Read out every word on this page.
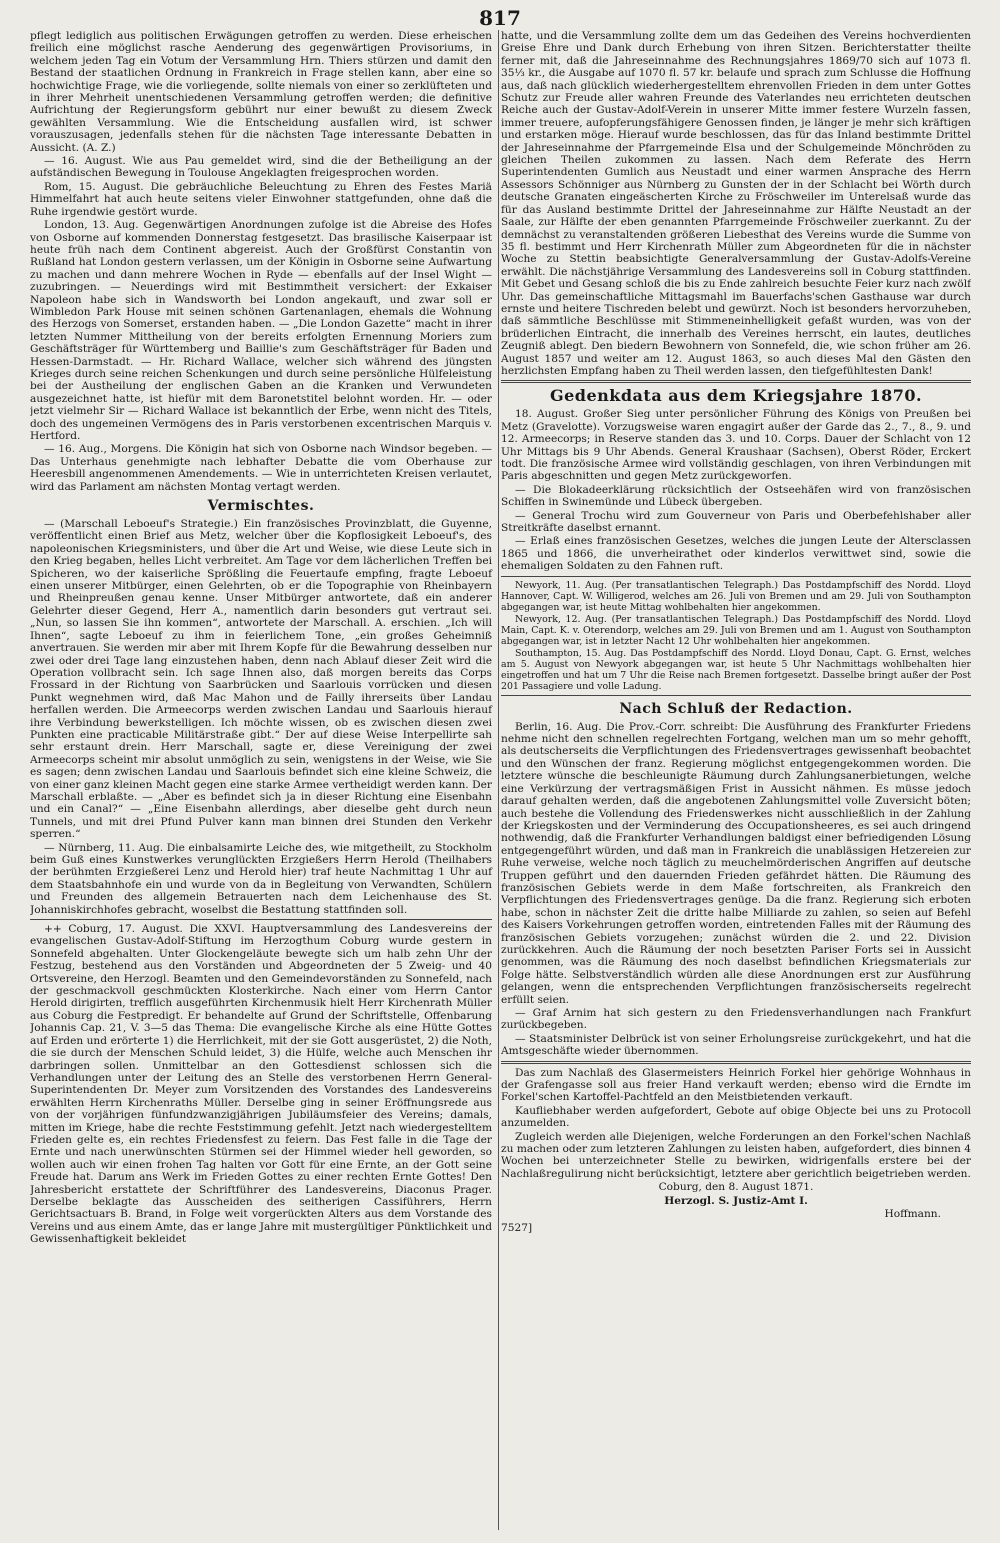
817

pflegt lediglich aus politischen Erwägungen getroffen zu werden. Diese erheischen freilich eine möglichst rasche Aenderung des gegenwärtigen Provisoriums, in welchem jeden Tag ein Votum der Versammlung Hrn. Thiers stürzen und damit den Bestand der staatlichen Ordnung in Frankreich in Frage stellen kann, aber eine so hochwichtige Frage, wie die vorliegende, sollte niemals von einer so zerklüfteten und in ihrer Mehrheit unentschiedenen Versammlung getroffen werden; die definitive Aufrichtung der Regierungsform gebührt nur einer bewußt zu diesem Zweck gewählten Versammlung. Wie die Entscheidung ausfallen wird, ist schwer vorauszusagen, jedenfalls stehen für die nächsten Tage interessante Debatten in Aussicht. (A. Z.)

— 16. August. Wie aus Pau gemeldet wird, sind die der Betheiligung an der aufständischen Bewegung in Toulouse Angeklagten freigesprochen worden.

Rom, 15. August. Die gebräuchliche Beleuchtung zu Ehren des Festes Mariä Himmelfahrt hat auch heute seitens vieler Einwohner stattgefunden, ohne daß die Ruhe irgendwie gestört wurde.

London, 13. Aug. Gegenwärtigen Anordnungen zufolge ist die Abreise des Hofes von Osborne auf kommenden Donnerstag festgesetzt. Das brasilische Kaiserpaar ist heute früh nach dem Continent abgereist. Auch der Großfürst Constantin von Rußland hat London gestern verlassen, um der Königin in Osborne seine Aufwartung zu machen und dann mehrere Wochen in Ryde — ebenfalls auf der Insel Wight — zuzubringen. — Neuerdings wird mit Bestimmtheit versichert: der Exkaiser Napoleon habe sich in Wandsworth bei London angekauft, und zwar soll er Wimbledon Park House mit seinen schönen Gartenanlagen, ehemals die Wohnung des Herzogs von Somerset, erstanden haben. — „Die London Gazette“ macht in ihrer letzten Nummer Mittheilung von der bereits erfolgten Ernennung Moriers zum Geschäftsträger für Württemberg und Baillie's zum Geschäftsträger für Baden und Hessen-Darmstadt. — Hr. Richard Wallace, welcher sich während des jüngsten Krieges durch seine reichen Schenkungen und durch seine persönliche Hülfeleistung bei der Austheilung der englischen Gaben an die Kranken und Verwundeten ausgezeichnet hatte, ist hiefür mit dem Baronetstitel belohnt worden. Hr. — oder jetzt vielmehr Sir — Richard Wallace ist bekanntlich der Erbe, wenn nicht des Titels, doch des ungemeinen Vermögens des in Paris verstorbenen excentrischen Marquis v. Hertford.

— 16. Aug., Morgens. Die Königin hat sich von Osborne nach Windsor begeben. — Das Unterhaus genehmigte nach lebhafter Debatte die vom Oberhause zur Heeresbill angenommenen Amendements. — Wie in unterrichteten Kreisen verlautet, wird das Parlament am nächsten Montag vertagt werden.

Vermischtes.

— (Marschall Leboeuf's Strategie.) Ein französisches Provinzblatt, die Guyenne, veröffentlicht einen Brief aus Metz, welcher über die Kopflosigkeit Leboeuf's, des napoleonischen Kriegsministers, und über die Art und Weise, wie diese Leute sich in den Krieg begaben, helles Licht verbreitet. Am Tage vor dem lächerlichen Treffen bei Spicheren, wo der kaiserliche Sprößling die Feuertaufe empfing, fragte Leboeuf einen unserer Mitbürger, einen Gelehrten, ob er die Topographie von Rheinbayern und Rheinpreußen genau kenne. Unser Mitbürger antwortete, daß ein anderer Gelehrter dieser Gegend, Herr A., namentlich darin besonders gut vertraut sei. „Nun, so lassen Sie ihn kommen“, antwortete der Marschall. A. erschien. „Ich will Ihnen“, sagte Leboeuf zu ihm in feierlichem Tone, „ein großes Geheimniß anvertrauen. Sie werden mir aber mit Ihrem Kopfe für die Bewahrung desselben nur zwei oder drei Tage lang einzustehen haben, denn nach Ablauf dieser Zeit wird die Operation vollbracht sein. Ich sage Ihnen also, daß morgen bereits das Corps Frossard in der Richtung von Saarbrücken und Saarlouis vorrücken und diesen Punkt wegnehmen wird, daß Mac Mahon und de Failly ihrerseits über Landau herfallen werden. Die Armeecorps werden zwischen Landau und Saarlouis hierauf ihre Verbindung bewerkstelligen. Ich möchte wissen, ob es zwischen diesen zwei Punkten eine practicable Militärstraße gibt.“ Der auf diese Weise Interpellirte sah sehr erstaunt drein. Herr Marschall, sagte er, diese Vereinigung der zwei Armeecorps scheint mir absolut unmöglich zu sein, wenigstens in der Weise, wie Sie es sagen; denn zwischen Landau und Saarlouis befindet sich eine kleine Schweiz, die von einer ganz kleinen Macht gegen eine starke Armee vertheidigt werden kann. Der Marschall erblaßte. — „Aber es befindet sich ja in dieser Richtung eine Eisenbahn und ein Canal?“ — „Eine Eisenbahn allerdings, aber dieselbe geht durch neun Tunnels, und mit drei Pfund Pulver kann man binnen drei Stunden den Verkehr sperren.“

— Nürnberg, 11. Aug. Die einbalsamirte Leiche des, wie mitgetheilt, zu Stockholm beim Guß eines Kunstwerkes verunglückten Erzgießers Herrn Herold (Theilhabers der berühmten Erzgießerei Lenz und Herold hier) traf heute Nachmittag 1 Uhr auf dem Staatsbahnhofe ein und wurde von da in Begleitung von Verwandten, Schülern und Freunden des allgemein Betrauerten nach dem Leichenhause des St. Johanniskirchhofes gebracht, woselbst die Bestattung stattfinden soll.

++ Coburg, 17. August. Die XXVI. Hauptversammlung des Landesvereins der evangelischen Gustav-Adolf-Stiftung im Herzogthum Coburg wurde gestern in Sonnefeld abgehalten. Unter Glockengeläute bewegte sich um halb zehn Uhr der Festzug, bestehend aus den Vorständen und Abgeordneten der 5 Zweig- und 40 Ortsvereine, den Herzogl. Beamten und den Gemeindevorständen zu Sonnefeld, nach der geschmackvoll geschmückten Klosterkirche. Nach einer vom Herrn Cantor Herold dirigirten, trefflich ausgeführten Kirchenmusik hielt Herr Kirchenrath Müller aus Coburg die Festpredigt. Er behandelte auf Grund der Schriftstelle, Offenbarung Johannis Cap. 21, V. 3—5 das Thema: Die evangelische Kirche als eine Hütte Gottes auf Erden und erörterte 1) die Herrlichkeit, mit der sie Gott ausgerüstet, 2) die Noth, die sie durch der Menschen Schuld leidet, 3) die Hülfe, welche auch Menschen ihr darbringen sollen. Unmittelbar an den Gottesdienst schlossen sich die Verhandlungen unter der Leitung des an Stelle des verstorbenen Herrn General-Superintendenten Dr. Meyer zum Vorsitzenden des Vorstandes des Landesvereins erwählten Herrn Kirchenraths Müller. Derselbe ging in seiner Eröffnungsrede aus von der vorjährigen fünfundzwanzigjährigen Jubiläumsfeier des Vereins; damals, mitten im Kriege, habe die rechte Feststimmung gefehlt. Jetzt nach wiedergestelltem Frieden gelte es, ein rechtes Friedensfest zu feiern. Das Fest falle in die Tage der Ernte und nach unerwünschten Stürmen sei der Himmel wieder hell geworden, so wollen auch wir einen frohen Tag halten vor Gott für eine Ernte, an der Gott seine Freude hat. Darum ans Werk im Frieden Gottes zu einer rechten Ernte Gottes! Den Jahresbericht erstattete der Schriftführer des Landesvereins, Diaconus Prager. Derselbe beklagte das Ausscheiden des seitherigen Cassiführers, Herrn Gerichtsactuars B. Brand, in Folge weit vorgerückten Alters aus dem Vorstande des Vereins und aus einem Amte, das er lange Jahre mit mustergültiger Pünktlichkeit und Gewissenhaftigkeit bekleidet

hatte, und die Versammlung zollte dem um das Gedeihen des Vereins hochverdienten Greise Ehre und Dank durch Erhebung von ihren Sitzen. Berichterstatter theilte ferner mit, daß die Jahreseinnahme des Rechnungsjahres 1869/70 sich auf 1073 fl. 35⅓ kr., die Ausgabe auf 1070 fl. 57 kr. belaufe und sprach zum Schlusse die Hoffnung aus, daß nach glücklich wiederhergestelltem ehrenvollen Frieden in dem unter Gottes Schutz zur Freude aller wahren Freunde des Vaterlandes neu errichteten deutschen Reiche auch der Gustav-Adolf-Verein in unserer Mitte immer festere Wurzeln fassen, immer treuere, aufopferungsfähigere Genossen finden, je länger je mehr sich kräftigen und erstarken möge. Hierauf wurde beschlossen, das für das Inland bestimmte Drittel der Jahreseinnahme der Pfarrgemeinde Elsa und der Schulgemeinde Mönchröden zu gleichen Theilen zukommen zu lassen. Nach dem Referate des Herrn Superintendenten Gumlich aus Neustadt und einer warmen Ansprache des Herrn Assessors Schönniger aus Nürnberg zu Gunsten der in der Schlacht bei Wörth durch deutsche Granaten eingeäscherten Kirche zu Fröschweiler im Unterelsaß wurde das für das Ausland bestimmte Drittel der Jahreseinnahme zur Hälfte Neustadt an der Saale, zur Hälfte der eben genannten Pfarrgemeinde Fröschweiler zuerkannt. Zu der demnächst zu veranstaltenden größeren Liebesthat des Vereins wurde die Summe von 35 fl. bestimmt und Herr Kirchenrath Müller zum Abgeordneten für die in nächster Woche zu Stettin beabsichtigte Generalversammlung der Gustav-Adolfs-Vereine erwählt. Die nächstjährige Versammlung des Landesvereins soll in Coburg stattfinden. Mit Gebet und Gesang schloß die bis zu Ende zahlreich besuchte Feier kurz nach zwölf Uhr. Das gemeinschaftliche Mittagsmahl im Bauerfachs'schen Gasthause war durch ernste und heitere Tischreden belebt und gewürzt. Noch ist besonders hervorzuheben, daß sämmtliche Beschlüsse mit Stimmeneinhelligkeit gefaßt wurden, was von der brüderlichen Eintracht, die innerhalb des Vereines herrscht, ein lautes, deutliches Zeugniß ablegt. Den biedern Bewohnern von Sonnefeld, die, wie schon früher am 26. August 1857 und weiter am 12. August 1863, so auch dieses Mal den Gästen den herzlichsten Empfang haben zu Theil werden lassen, den tiefgefühltesten Dank!

Gedenkdata aus dem Kriegsjahre 1870.

18. August. Großer Sieg unter persönlicher Führung des Königs von Preußen bei Metz (Gravelotte). Vorzugsweise waren engagirt außer der Garde das 2., 7., 8., 9. und 12. Armeecorps; in Reserve standen das 3. und 10. Corps. Dauer der Schlacht von 12 Uhr Mittags bis 9 Uhr Abends. General Kraushaar (Sachsen), Oberst Röder, Erckert todt. Die französische Armee wird vollständig geschlagen, von ihren Verbindungen mit Paris abgeschnitten und gegen Metz zurückgeworfen.

— Die Blokadeerklärung rücksichtlich der Ostseehäfen wird von französischen Schiffen in Swinemünde und Lübeck übergeben.

— General Trochu wird zum Gouverneur von Paris und Oberbefehlshaber aller Streitkräfte daselbst ernannt.

— Erlaß eines französischen Gesetzes, welches die jungen Leute der Altersclassen 1865 und 1866, die unverheirathet oder kinderlos verwittwet sind, sowie die ehemaligen Soldaten zu den Fahnen ruft.

Newyork, 11. Aug. (Per transatlantischen Telegraph.) Das Postdampfschiff des Nordd. Lloyd Hannover, Capt. W. Willigerod, welches am 26. Juli von Bremen und am 29. Juli von Southampton abgegangen war, ist heute Mittag wohlbehalten hier angekommen.

Newyork, 12. Aug. (Per transatlantischen Telegraph.) Das Postdampfschiff des Nordd. Lloyd Main, Capt. K. v. Oterendorp, welches am 29. Juli von Bremen und am 1. August von Southampton abgegangen war, ist in letzter Nacht 12 Uhr wohlbehalten hier angekommen.

Southampton, 15. Aug. Das Postdampfschiff des Nordd. Lloyd Donau, Capt. G. Ernst, welches am 5. August von Newyork abgegangen war, ist heute 5 Uhr Nachmittags wohlbehalten hier eingetroffen und hat um 7 Uhr die Reise nach Bremen fortgesetzt. Dasselbe bringt außer der Post 201 Passagiere und volle Ladung.

Nach Schluß der Redaction.

Berlin, 16. Aug. Die Prov.-Corr. schreibt: Die Ausführung des Frankfurter Friedens nehme nicht den schnellen regelrechten Fortgang, welchen man um so mehr gehofft, als deutscherseits die Verpflichtungen des Friedensvertrages gewissenhaft beobachtet und den Wünschen der franz. Regierung möglichst entgegengekommen worden. Die letztere wünsche die beschleunigte Räumung durch Zahlungsanerbietungen, welche eine Verkürzung der vertragsmäßigen Frist in Aussicht nähmen. Es müsse jedoch darauf gehalten werden, daß die angebotenen Zahlungsmittel volle Zuversicht böten; auch bestehe die Vollendung des Friedenswerkes nicht ausschließlich in der Zahlung der Kriegskosten und der Verminderung des Occupationsheeres, es sei auch dringend nothwendig, daß die Frankfurter Verhandlungen baldigst einer befriedigenden Lösung entgegengeführt würden, und daß man in Frankreich die unablässigen Hetzereien zur Ruhe verweise, welche noch täglich zu meuchelmörderischen Angriffen auf deutsche Truppen geführt und den dauernden Frieden gefährdet hätten. Die Räumung des französischen Gebiets werde in dem Maße fortschreiten, als Frankreich den Verpflichtungen des Friedensvertrages genüge. Da die franz. Regierung sich erboten habe, schon in nächster Zeit die dritte halbe Milliarde zu zahlen, so seien auf Befehl des Kaisers Vorkehrungen getroffen worden, eintretenden Falles mit der Räumung des französischen Gebiets vorzugehen; zunächst würden die 2. und 22. Division zurückkehren. Auch die Räumung der noch besetzten Pariser Forts sei in Aussicht genommen, was die Räumung des noch daselbst befindlichen Kriegsmaterials zur Folge hätte. Selbstverständlich würden alle diese Anordnungen erst zur Ausführung gelangen, wenn die entsprechenden Verpflichtungen französischerseits regelrecht erfüllt seien.

— Graf Arnim hat sich gestern zu den Friedensverhandlungen nach Frankfurt zurückbegeben.

— Staatsminister Delbrück ist von seiner Erholungsreise zurückgekehrt, und hat die Amtsgeschäfte wieder übernommen.

Das zum Nachlaß des Glasermeisters Heinrich Forkel hier gehörige Wohnhaus in der Grafengasse soll aus freier Hand verkauft werden; ebenso wird die Erndte im Forkel'schen Kartoffel-Pachtfeld an den Meistbietenden verkauft.

Kaufliebhaber werden aufgefordert, Gebote auf obige Objecte bei uns zu Protocoll anzumelden.

Zugleich werden alle Diejenigen, welche Forderungen an den Forkel'schen Nachlaß zu machen oder zum letzteren Zahlungen zu leisten haben, aufgefordert, dies binnen 4 Wochen bei unterzeichneter Stelle zu bewirken, widrigenfalls erstere bei der Nachlaßregulirung nicht berücksichtigt, letztere aber gerichtlich beigetrieben werden.

Coburg, den 8. August 1871.

Herzogl. S. Justiz-Amt I.

Hoffmann.

7527]
